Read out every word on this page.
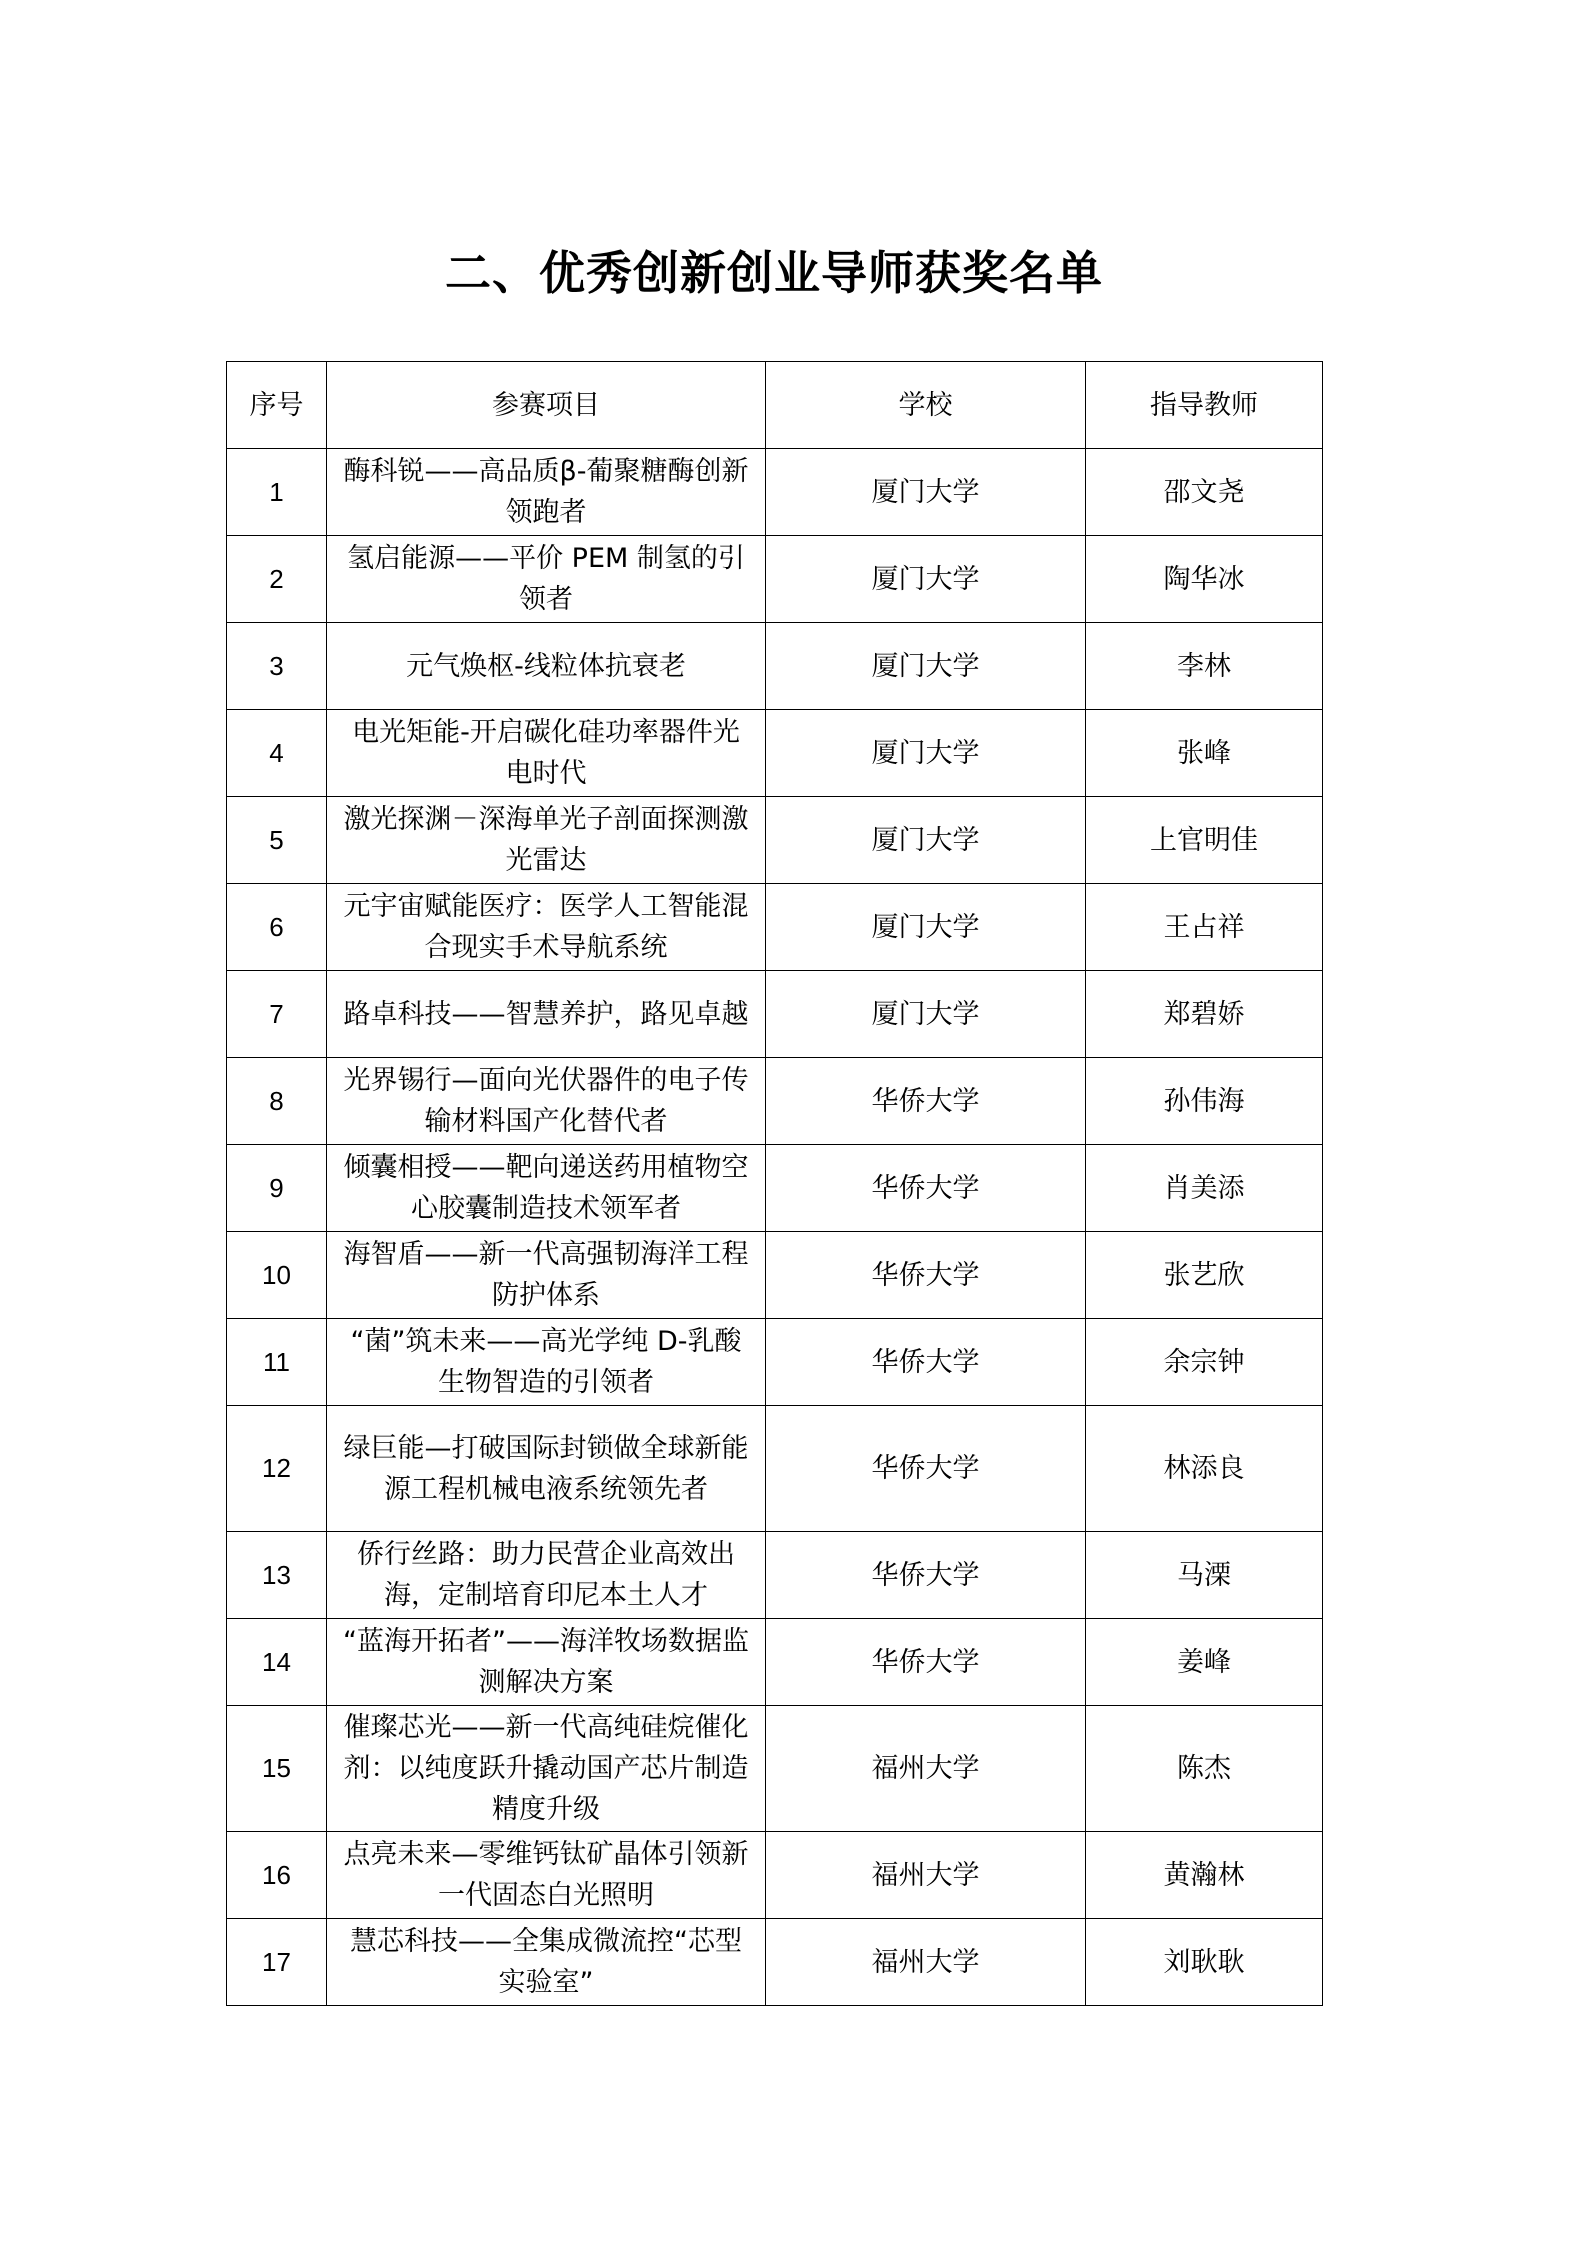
二、优秀创新创业导师获奖名单
序号	参赛项目	学校	指导教师
1	酶科锐——高品质β-葡聚糖酶创新领跑者	厦门大学	邵文尧
2	氢启能源——平价 PEM 制氢的引领者	厦门大学	陶华冰
3	元气焕枢-线粒体抗衰老	厦门大学	李林
4	电光矩能-开启碳化硅功率器件光电时代	厦门大学	张峰
5	激光探渊－深海单光子剖面探测激光雷达	厦门大学	上官明佳
6	元宇宙赋能医疗：医学人工智能混合现实手术导航系统	厦门大学	王占祥
7	路卓科技——智慧养护，路见卓越	厦门大学	郑碧娇
8	光界锡行—面向光伏器件的电子传输材料国产化替代者	华侨大学	孙伟海
9	倾囊相授——靶向递送药用植物空心胶囊制造技术领军者	华侨大学	肖美添
10	海智盾——新一代高强韧海洋工程防护体系	华侨大学	张艺欣
11	“菌”筑未来——高光学纯 D-乳酸生物智造的引领者	华侨大学	余宗钟
12	绿巨能—打破国际封锁做全球新能源工程机械电液系统领先者	华侨大学	林添良
13	侨行丝路：助力民营企业高效出海，定制培育印尼本土人才	华侨大学	马溧
14	“蓝海开拓者”——海洋牧场数据监测解决方案	华侨大学	姜峰
15	催璨芯光——新一代高纯硅烷催化剂：以纯度跃升撬动国产芯片制造精度升级	福州大学	陈杰
16	点亮未来—零维钙钛矿晶体引领新一代固态白光照明	福州大学	黄瀚林
17	慧芯科技——全集成微流控“芯型实验室”	福州大学	刘耿耿
